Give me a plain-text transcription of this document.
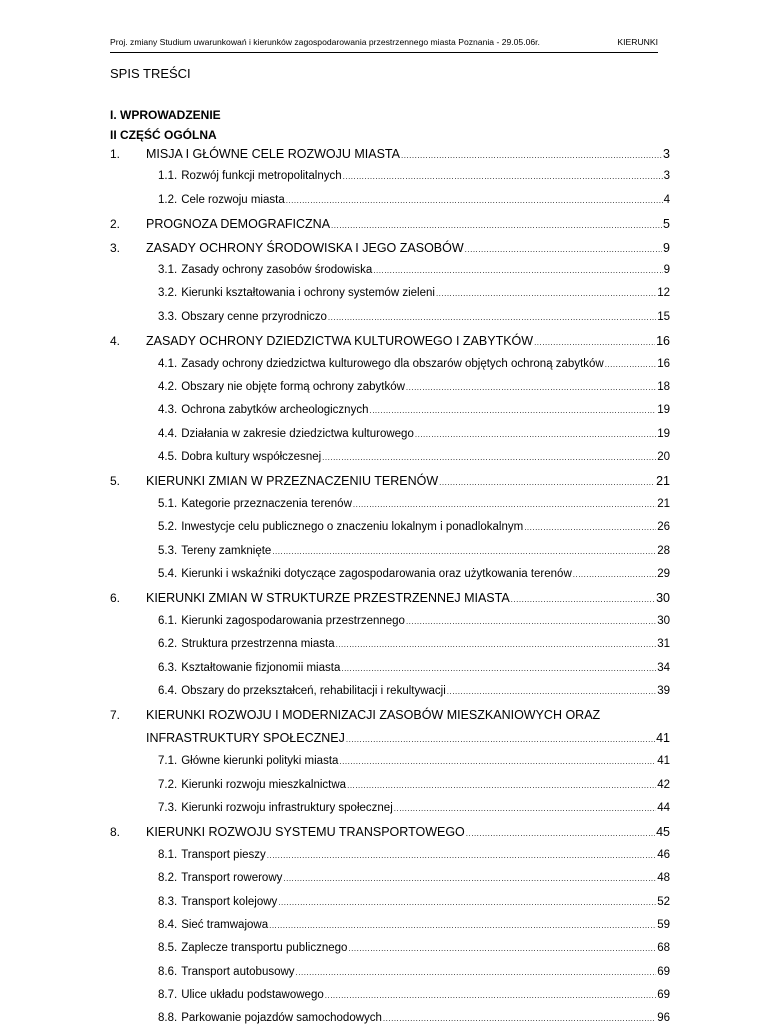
Proj. zmiany Studium uwarunkowań i kierunków zagospodarowania przestrzennego miasta Poznania - 29.05.06r.	KIERUNKI
SPIS TREŚCI
I. WPROWADZENIE
II CZĘŚĆ OGÓLNA
1. MISJA I GŁÓWNE CELE ROZWOJU MIASTA .....	3
1.1. Rozwój funkcji metropolitalnych .....	3
1.2. Cele rozwoju miasta .....	4
2. PROGNOZA DEMOGRAFICZNA .....	5
3. ZASADY OCHRONY ŚRODOWISKA I JEGO ZASOBÓW .....	9
3.1. Zasady ochrony zasobów środowiska .....	9
3.2. Kierunki kształtowania i ochrony systemów zieleni .....	12
3.3. Obszary cenne przyrodniczo .....	15
4. ZASADY OCHRONY DZIEDZICTWA KULTUROWEGO I ZABYTKÓW .....	16
4.1. Zasady ochrony dziedzictwa kulturowego dla obszarów objętych ochroną zabytków .....	16
4.2. Obszary nie objęte formą ochrony zabytków .....	18
4.3. Ochrona zabytków archeologicznych .....	19
4.4. Działania w zakresie dziedzictwa kulturowego .....	19
4.5. Dobra kultury współczesnej .....	20
5. KIERUNKI ZMIAN W PRZEZNACZENIU TERENÓW .....	21
5.1. Kategorie przeznaczenia terenów .....	21
5.2. Inwestycje celu publicznego o znaczeniu lokalnym i ponadlokalnym .....	26
5.3. Tereny zamknięte .....	28
5.4. Kierunki i wskaźniki dotyczące zagospodarowania oraz użytkowania terenów .....	29
6. KIERUNKI ZMIAN W STRUKTURZE PRZESTRZENNEJ MIASTA .....	30
6.1. Kierunki zagospodarowania przestrzennego .....	30
6.2. Struktura przestrzenna miasta .....	31
6.3. Kształtowanie fizjonomii miasta .....	34
6.4. Obszary do przekształceń, rehabilitacji i rekultywacji .....	39
7. KIERUNKI ROZWOJU I MODERNIZACJI ZASOBÓW MIESZKANIOWYCH ORAZ
INFRASTRUKTURY SPOŁECZNEJ .....	41
7.1. Główne kierunki polityki miasta .....	41
7.2. Kierunki rozwoju mieszkalnictwa .....	42
7.3. Kierunki rozwoju infrastruktury społecznej .....	44
8. KIERUNKI ROZWOJU SYSTEMU TRANSPORTOWEGO .....	45
8.1. Transport pieszy .....	46
8.2. Transport rowerowy .....	48
8.3. Transport kolejowy .....	52
8.4. Sieć tramwajowa .....	59
8.5. Zaplecze transportu publicznego .....	68
8.6. Transport autobusowy .....	69
8.7. Ulice układu podstawowego .....	69
8.8. Parkowanie pojazdów samochodowych .....	96
